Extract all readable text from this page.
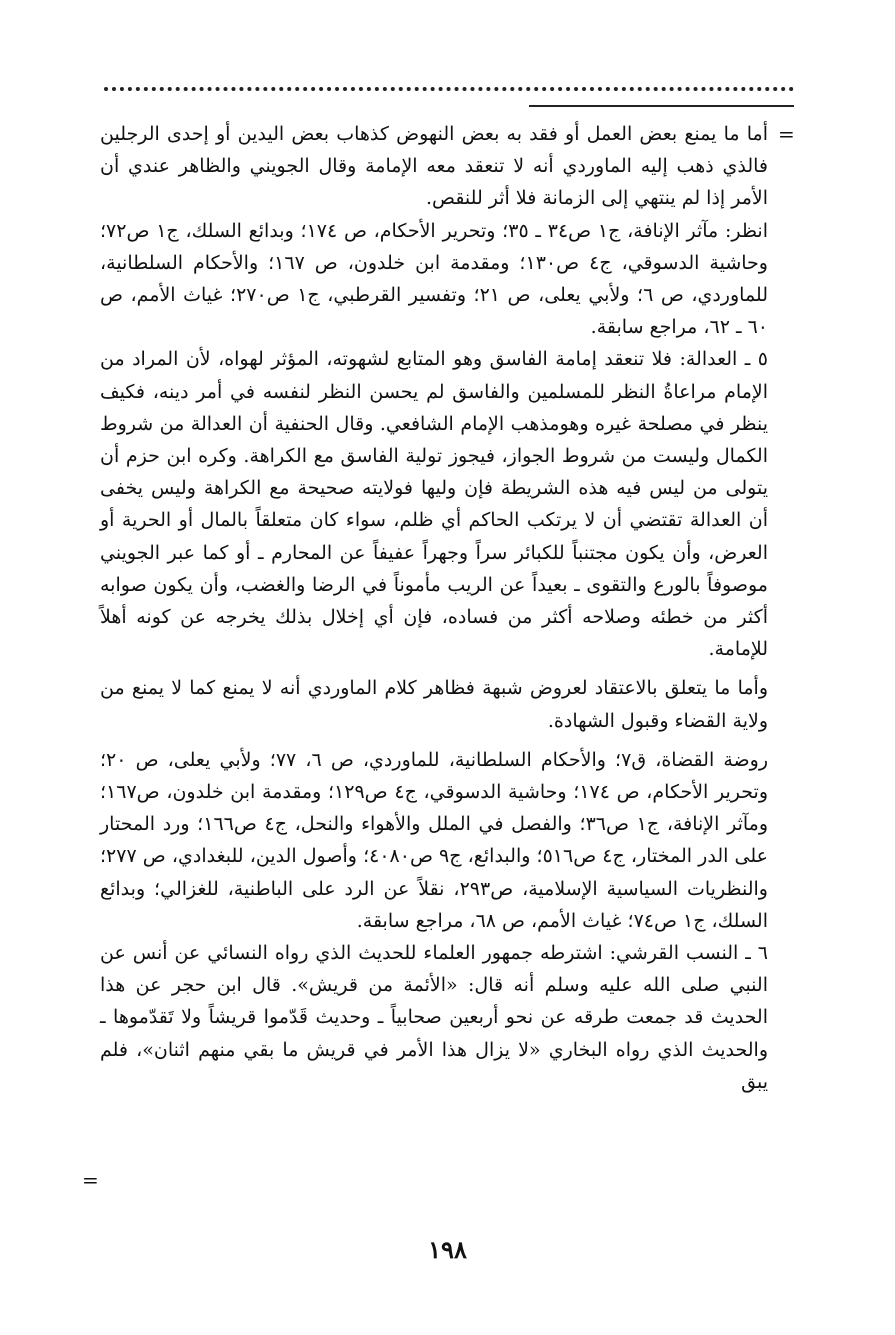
=

أما ما يمنع بعض العمل أو فقد به بعض النهوض كذهاب بعض اليدين أو إحدى الرجلين فالذي ذهب إليه الماوردي أنه لا تنعقد معه الإمامة وقال الجويني والظاهر عندي أن الأمر إذا لم ينتهي إلى الزمانة فلا أثر للنقص.

انظر: مآثر الإنافة، ج١ ص٣٤ ـ ٣٥؛ وتحرير الأحكام، ص ١٧٤؛ وبدائع السلك، ج١ ص٧٢؛ وحاشية الدسوقي، ج٤ ص١٣٠؛ ومقدمة ابن خلدون، ص ١٦٧؛ والأحكام السلطانية، للماوردي، ص ٦؛ ولأبي يعلى، ص ٢١؛ وتفسير القرطبي، ج١ ص٢٧٠؛ غياث الأمم، ص ٦٠ ـ ٦٢، مراجع سابقة.

٥ ـ العدالة: فلا تنعقد إمامة الفاسق وهو المتابع لشهوته، المؤثر لهواه، لأن المراد من الإمام مراعاةُ النظر للمسلمين والفاسق لم يحسن النظر لنفسه في أمر دينه، فكيف ينظر في مصلحة غيره وهومذهب الإمام الشافعي. وقال الحنفية أن العدالة من شروط الكمال وليست من شروط الجواز، فيجوز تولية الفاسق مع الكراهة. وكره ابن حزم أن يتولى من ليس فيه هذه الشريطة فإن وليها فولايته صحيحة مع الكراهة وليس يخفى أن العدالة تقتضي أن لا يرتكب الحاكم أي ظلم، سواء كان متعلقاً بالمال أو الحرية أو العرض، وأن يكون مجتنباً للكبائر سراً وجهراً عفيفاً عن المحارم ـ أو كما عبر الجويني موصوفاً بالورع والتقوى ـ بعيداً عن الريب مأموناً في الرضا والغضب، وأن يكون صوابه أكثر من خطئه وصلاحه أكثر من فساده، فإن أي إخلال بذلك يخرجه عن كونه أهلاً للإمامة.

وأما ما يتعلق بالاعتقاد لعروض شبهة فظاهر كلام الماوردي أنه لا يمنع كما لا يمنع من ولاية القضاء وقبول الشهادة.

روضة القضاة، ق٧؛ والأحكام السلطانية، للماوردي، ص ٦، ٧٧؛ ولأبي يعلى، ص ٢٠؛ وتحرير الأحكام، ص ١٧٤؛ وحاشية الدسوقي، ج٤ ص١٢٩؛ ومقدمة ابن خلدون، ص١٦٧؛ ومآثر الإنافة، ج١ ص٣٦؛ والفصل في الملل والأهواء والنحل، ج٤ ص١٦٦؛ ورد المحتار على الدر المختار، ج٤ ص٥١٦؛ والبدائع، ج٩ ص٤٠٨٠؛ وأصول الدين، للبغدادي، ص ٢٧٧؛ والنظريات السياسية الإسلامية، ص٢٩٣، نقلاً عن الرد على الباطنية، للغزالي؛ وبدائع السلك، ج١ ص٧٤؛ غياث الأمم، ص ٦٨، مراجع سابقة.

٦ ـ النسب القرشي: اشترطه جمهور العلماء للحديث الذي رواه النسائي عن أنس عن النبي صلى الله عليه وسلم أنه قال: «الأئمة من قريش». قال ابن حجر عن هذا الحديث قد جمعت طرقه عن نحو أربعين صحابياً ـ وحديث قَدّموا قريشاً ولا تَقدّموها ـ والحديث الذي رواه البخاري «لا يزال هذا الأمر في قريش ما بقي منهم اثنان»، فلم يبق

=
١٩٨
